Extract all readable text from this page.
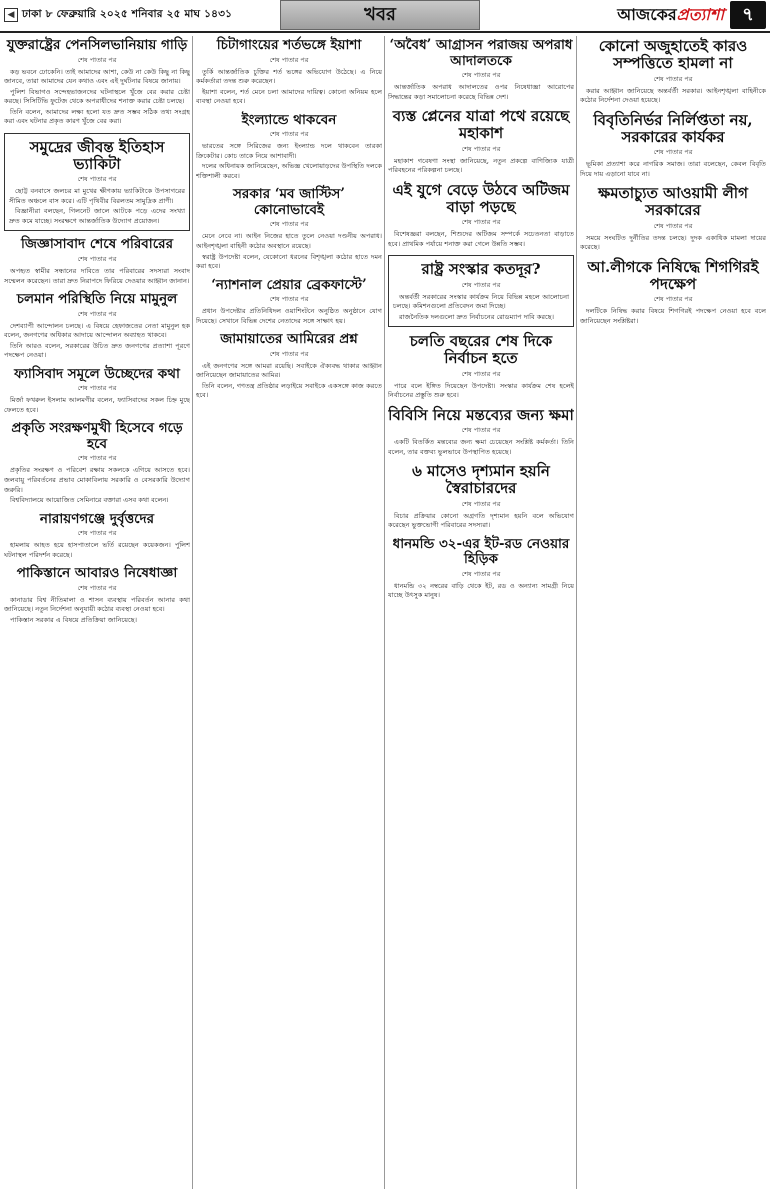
◀ ঢাকা ৮ ফেব্রুয়ারি ২০২৫ শনিবার ২৫ মাঘ ১৪৩১	খবর	আজকেরপ্রত্যাশা	৭
যুক্তরাষ্ট্রের পেনসিলভানিয়ায় গাড়ি
শেষ পাতার পর

কড় ভবনে ঢোকেনি। তাই আমাদের আশা, কেউ না কেউ কিছু না কিছু জানবে, তারা আমাদের যেন কথাও এবং এই দুর্ঘটনার বিষয়ে জানায়।

পুলিশ বিভাগও সন্দেহভাজনদের ঘটনাস্থলে খুঁজে বের করার চেষ্টা করছে। সিসিটিভি ফুটেজ থেকে অপরাধীদের শনাক্ত করার চেষ্টা চলছে।

তিনি বলেন, আমাদের লক্ষ্য হলো যত দ্রুত সম্ভব সঠিক তথ্য সংগ্রহ করা এবং ঘটনার প্রকৃত কারণ খুঁজে বের করা।

সমুদ্রের জীবন্ত ইতিহাস ভ্যাকিটা
শেষ পাতার পর

ছোট্ট বনবাসে জলচর মা মুখের ক্ষীণকায় ভ্যাকিটাকে উপসাগরের সীমিত অঞ্চলে বাস করে। এটি পৃথিবীর বিরলতম সামুদ্রিক প্রাণী।

বিজ্ঞানীরা বলছেন, গিলনেট জালে আটকে পড়ে এদের সংখ্যা দ্রুত কমে যাচ্ছে। সংরক্ষণে আন্তর্জাতিক উদ্যোগ প্রয়োজন।

জিজ্ঞাসাবাদ শেষে পরিবারের
শেষ পাতার পর

অপহৃত স্বামীর সন্ধানের দাবিতে তার পরিবারের সদস্যরা সংবাদ সম্মেলন করেছেন। তারা দ্রুত নিরাপদে ফিরিয়ে দেওয়ার আহ্বান জানান।

চলমান পরিস্থিতি নিয়ে মামুনুল
শেষ পাতার পর

দেশব্যাপী আন্দোলন চলছে। এ বিষয়ে হেফাজতের নেতা মামুনুল হক বলেন, জনগণের অধিকার আদায়ে আন্দোলন অব্যাহত থাকবে।

তিনি আরও বলেন, সরকারের উচিত দ্রুত জনগণের প্রত্যাশা পূরণে পদক্ষেপ নেওয়া।

ফ্যাসিবাদ সমূলে উচ্ছেদের কথা
শেষ পাতার পর

মির্জা ফখরুল ইসলাম আলমগীর বলেন, ফ্যাসিবাদের সকল চিহ্ন মুছে ফেলতে হবে।

প্রকৃতি সংরক্ষণমুখী হিসেবে গড়ে হবে
শেষ পাতার পর

প্রকৃতির সংরক্ষণ ও পরিবেশ রক্ষায় সকলকে এগিয়ে আসতে হবে। জলবায়ু পরিবর্তনের প্রভাব মোকাবিলায় সরকারি ও বেসরকারি উদ্যোগ জরুরি।

বিশ্ববিদ্যালয়ে আয়োজিত সেমিনারে বক্তারা এসব কথা বলেন।

নারায়ণগঞ্জে দুর্বৃত্তদের
শেষ পাতার পর

হামলায় আহত হয়ে হাসপাতালে ভর্তি রয়েছেন কয়েকজন। পুলিশ ঘটনাস্থল পরিদর্শন করেছে।

পাকিস্তানে আবারও নিষেধাজ্ঞা
শেষ পাতার পর

কানাডার বিশ্ব নীতিমালা ও শাসন ব্যবস্থায় পরিবর্তন আনার কথা জানিয়েছে। নতুন নির্দেশনা অনুযায়ী কঠোর ব্যবস্থা নেওয়া হবে।

পাকিস্তান সরকার এ বিষয়ে প্রতিক্রিয়া জানিয়েছে।

চিটাগাংয়ের শর্তভঙ্গে ইয়াশা
শেষ পাতার পর

তুর্কি আন্তর্জাতিক চুক্তির শর্ত ভঙ্গের অভিযোগ উঠেছে। এ নিয়ে কর্মকর্তারা তদন্ত শুরু করেছেন।

ইয়াশা বলেন, শর্ত মেনে চলা আমাদের দায়িত্ব। কোনো অনিয়ম হলে ব্যবস্থা নেওয়া হবে।

ইংল্যান্ডে থাকবেন
শেষ পাতার পর

ভারতের সঙ্গে সিরিজের জন্য ইংল্যান্ড দলে থাকবেন তারকা ক্রিকেটার। কোচ তাকে নিয়ে আশাবাদী।

দলের অধিনায়ক জানিয়েছেন, অভিজ্ঞ খেলোয়াড়দের উপস্থিতি দলকে শক্তিশালী করবে।

সরকার ‘মব জাস্টিস’ কোনোভাবেই
শেষ পাতার পর

মেনে নেবে না। আইন নিজের হাতে তুলে নেওয়া দণ্ডনীয় অপরাধ। আইনশৃঙ্খলা বাহিনী কঠোর অবস্থানে রয়েছে।

স্বরাষ্ট্র উপদেষ্টা বলেন, যেকোনো ধরনের বিশৃঙ্খলা কঠোর হাতে দমন করা হবে।

‘ন্যাশনাল প্রেয়ার ব্রেকফাস্টে’
শেষ পাতার পর

প্রধান উপদেষ্টার প্রতিনিধিদল ওয়াশিংটনে অনুষ্ঠিত অনুষ্ঠানে যোগ দিয়েছে। সেখানে বিভিন্ন দেশের নেতাদের সঙ্গে সাক্ষাৎ হয়।

জামায়াতের আমিরের প্রশ্ন
শেষ পাতার পর

এই জনগণের সঙ্গে আমরা রয়েছি। সবাইকে ঐক্যবদ্ধ থাকার আহ্বান জানিয়েছেন জামায়াতের আমির।

তিনি বলেন, গণতন্ত্র প্রতিষ্ঠার লড়াইয়ে সবাইকে একসঙ্গে কাজ করতে হবে।

‘অবৈধ’ আগ্রাসন পরাজয় অপরাধ আদালতকে
শেষ পাতার পর

আন্তর্জাতিক অপরাধ আদালতের ওপর নিষেধাজ্ঞা আরোপের সিদ্ধান্তের কড়া সমালোচনা করেছে বিভিন্ন দেশ।

ব্যস্ত প্লেনের যাত্রা পথে রয়েছে মহাকাশ
শেষ পাতার পর

মহাকাশ গবেষণা সংস্থা জানিয়েছে, নতুন প্রকল্পে বাণিজ্যিক যাত্রী পরিবহনের পরিকল্পনা চলছে।

এই যুগে বেড়ে উঠবে অটিজম বাড়া পড়ছে
শেষ পাতার পর

বিশেষজ্ঞরা বলছেন, শিশুদের অটিজম সম্পর্কে সচেতনতা বাড়াতে হবে। প্রাথমিক পর্যায়ে শনাক্ত করা গেলে উন্নতি সম্ভব।

রাষ্ট্র সংস্কার কতদূর?
শেষ পাতার পর

অন্তর্বর্তী সরকারের সংস্কার কার্যক্রম নিয়ে বিভিন্ন মহলে আলোচনা চলছে। কমিশনগুলো প্রতিবেদন জমা দিচ্ছে।

রাজনৈতিক দলগুলো দ্রুত নির্বাচনের রোডম্যাপ দাবি করছে।

চলতি বছরের শেষ দিকে নির্বাচন হতে
শেষ পাতার পর

পারে বলে ইঙ্গিত দিয়েছেন উপদেষ্টা। সংস্কার কার্যক্রম শেষ হলেই নির্বাচনের প্রস্তুতি শুরু হবে।

বিবিসি নিয়ে মন্তব্যের জন্য ক্ষমা
শেষ পাতার পর

একটি বিতর্কিত মন্তব্যের জন্য ক্ষমা চেয়েছেন সংশ্লিষ্ট কর্মকর্তা। তিনি বলেন, তার বক্তব্য ভুলভাবে উপস্থাপিত হয়েছে।

৬ মাসেও দৃশ্যমান হয়নি স্বৈরাচারদের
শেষ পাতার পর

বিচার প্রক্রিয়ার কোনো অগ্রগতি দৃশ্যমান হয়নি বলে অভিযোগ করেছেন ভুক্তভোগী পরিবারের সদস্যরা।

ধানমন্ডি ৩২-এর ইট-রড নেওয়ার হিড়িক
শেষ পাতার পর

ধানমন্ডি ৩২ নম্বরের বাড়ি থেকে ইট, রড ও অন্যান্য সামগ্রী নিয়ে যাচ্ছে উৎসুক মানুষ।

কোনো অজুহাতেই কারও সম্পত্তিতে হামলা না
শেষ পাতার পর

করার আহ্বান জানিয়েছে অন্তর্বর্তী সরকার। আইনশৃঙ্খলা বাহিনীকে কঠোর নির্দেশনা দেওয়া হয়েছে।

বিবৃতিনির্ভর নির্লিপ্ততা নয়, সরকারের কার্যকর
শেষ পাতার পর

ভূমিকা প্রত্যাশা করে নাগরিক সমাজ। তারা বলেছেন, কেবল বিবৃতি দিয়ে দায় এড়ানো যাবে না।

ক্ষমতাচ্যুত আওয়ামী লীগ সরকারের
শেষ পাতার পর

সময়ে সংঘটিত দুর্নীতির তদন্ত চলছে। দুদক একাধিক মামলা দায়ের করেছে।

আ.লীগকে নিষিদ্ধে শিগগিরই পদক্ষেপ
শেষ পাতার পর

দলটিকে নিষিদ্ধ করার বিষয়ে শিগগিরই পদক্ষেপ নেওয়া হবে বলে জানিয়েছেন সংশ্লিষ্টরা।
